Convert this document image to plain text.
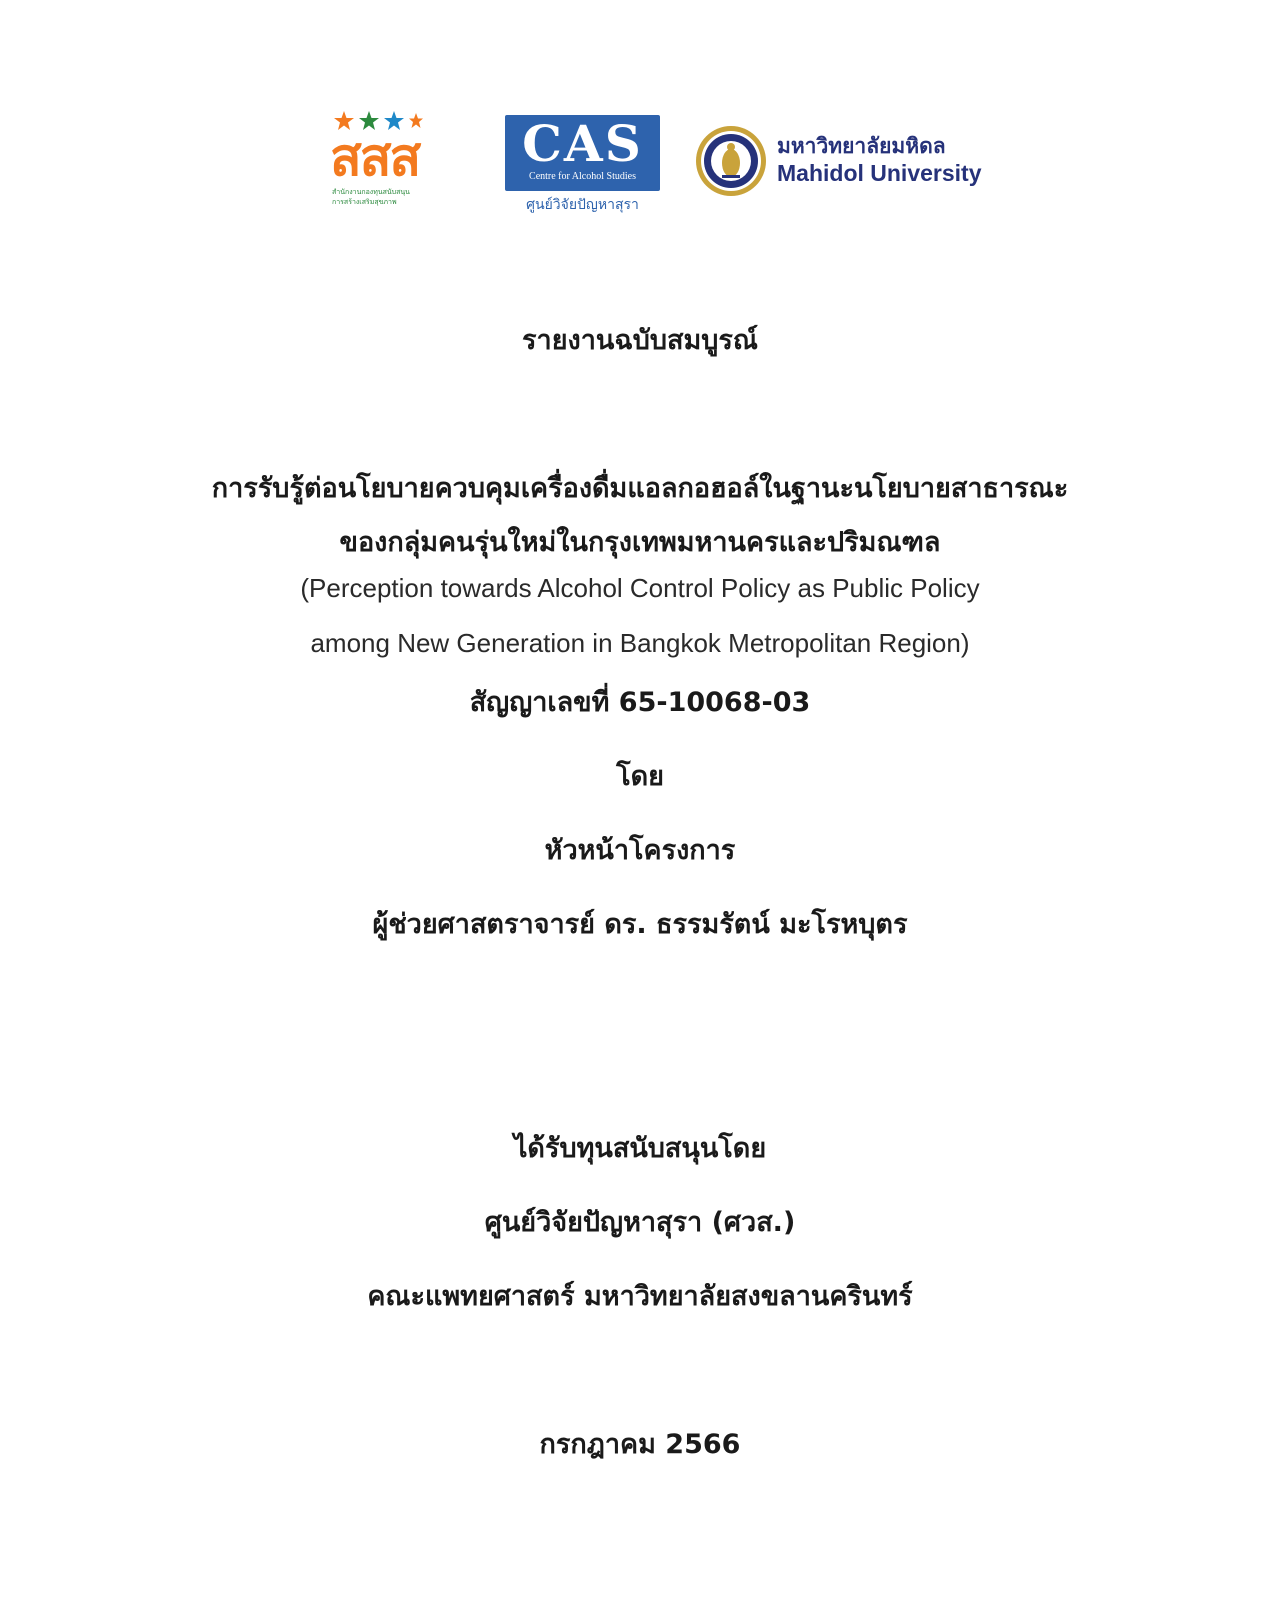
สสส
สำนักงานกองทุนสนับสนุน
การสร้างเสริมสุขภาพ
CAS
Centre for Alcohol Studies
ศูนย์วิจัยปัญหาสุรา
มหาวิทยาลัยมหิดล
Mahidol University
รายงานฉบับสมบูรณ์
การรับรู้ต่อนโยบายควบคุมเครื่องดื่มแอลกอฮอล์ในฐานะนโยบายสาธารณะ
ของกลุ่มคนรุ่นใหม่ในกรุงเทพมหานครและปริมณฑล
(Perception towards Alcohol Control Policy as Public Policy
among New Generation in Bangkok Metropolitan Region)
สัญญาเลขที่ 65-10068-03
โดย
หัวหน้าโครงการ
ผู้ช่วยศาสตราจารย์ ดร. ธรรมรัตน์ มะโรหบุตร
ได้รับทุนสนับสนุนโดย
ศูนย์วิจัยปัญหาสุรา (ศวส.)
คณะแพทยศาสตร์ มหาวิทยาลัยสงขลานครินทร์
กรกฎาคม 2566
